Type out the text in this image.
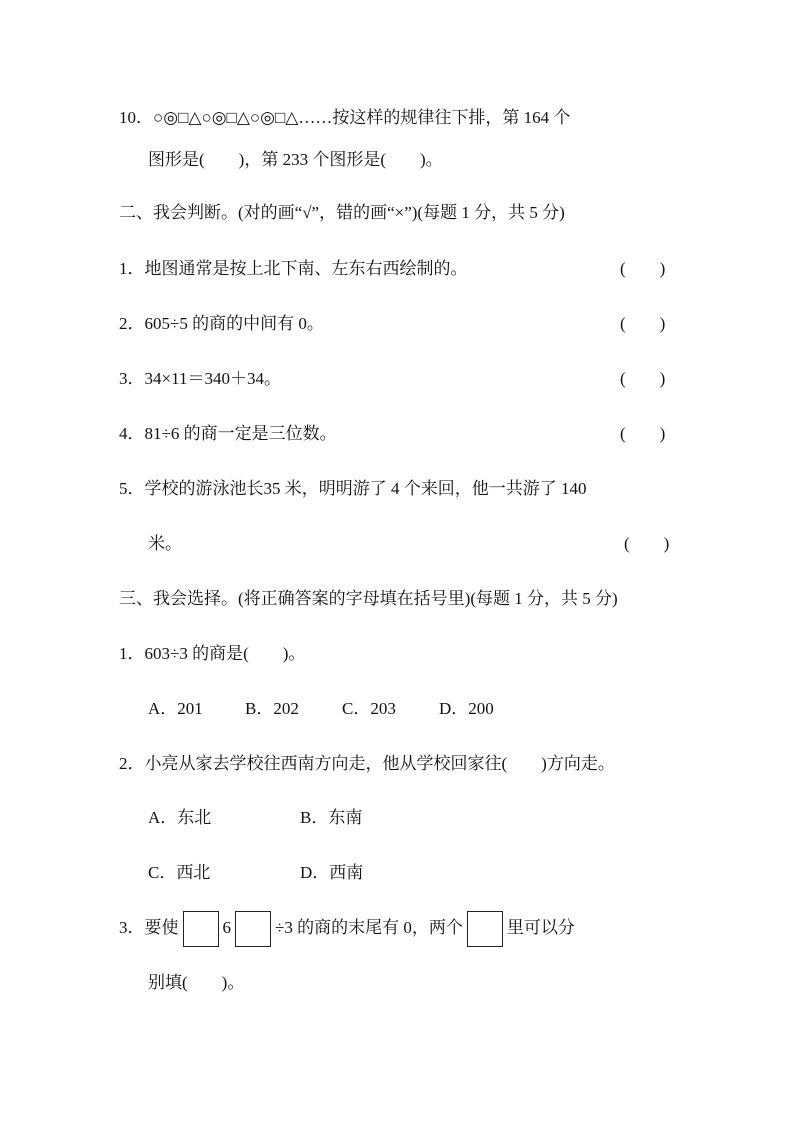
10．○◎□△○◎□△○◎□△……按这样的规律往下排，第 164 个
图形是(　　)，第 233 个图形是(　　)。
二、我会判断。(对的画“√”，错的画“×”)(每题 1 分，共 5 分)
1．地图通常是按上北下南、左东右西绘制的。	(　　)
2．605÷5 的商的中间有 0。	(　　)
3．34×11＝340＋34。	(　　)
4．81÷6 的商一定是三位数。	(　　)
5．学校的游泳池长35 米，明明游了 4 个来回，他一共游了 140
米。	(　　)
三、我会选择。(将正确答案的字母填在括号里)(每题 1 分，共 5 分)
1．603÷3 的商是(　　)。
A．201 B．202	C．203	D．200
2．小亮从家去学校往西南方向走，他从学校回家往(　　)方向走。
A．东北	B．东南
C．西北	D．西南
3．要使	6	÷3 的商的末尾有 0，两个	里可以分
别填(　　)。
